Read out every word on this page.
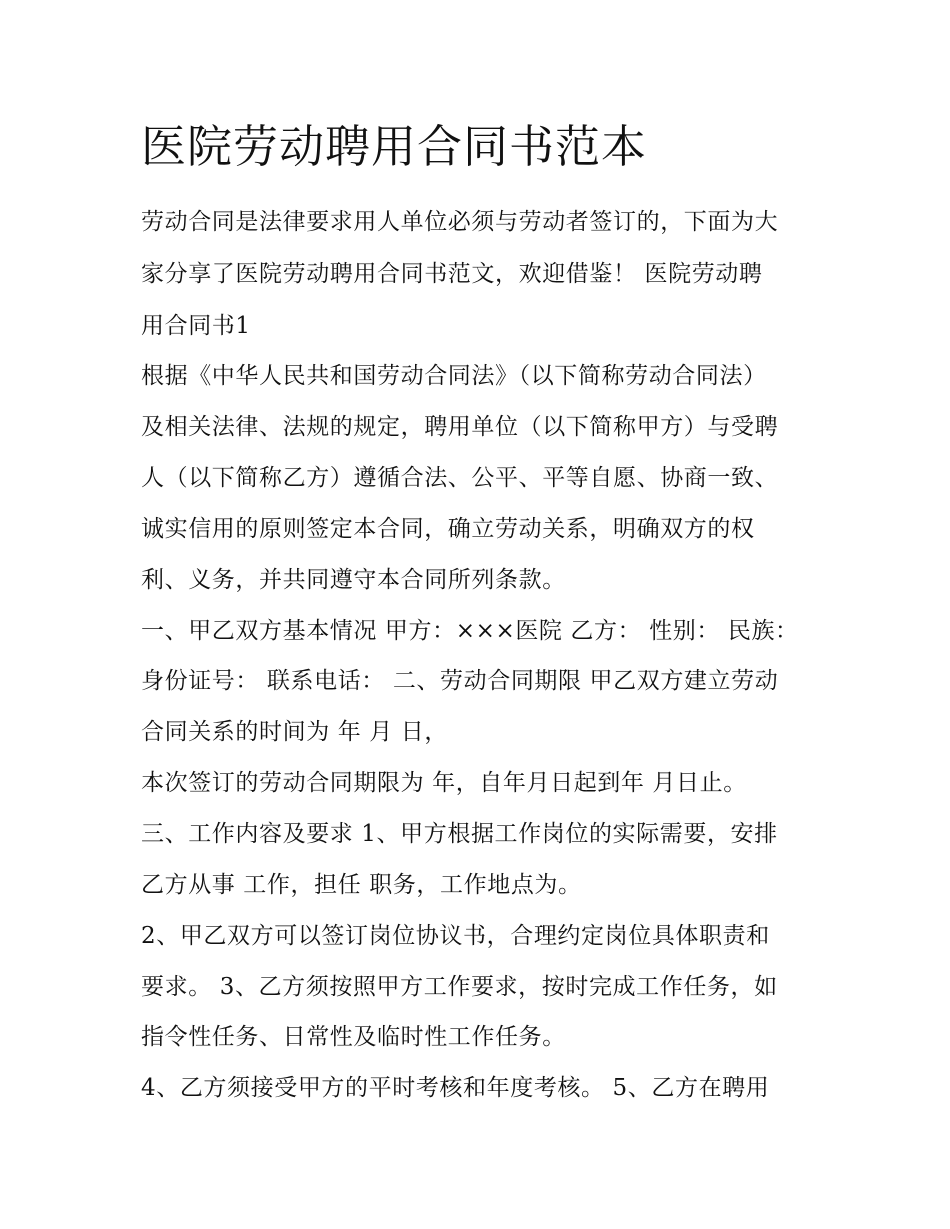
医院劳动聘用合同书范本
劳动合同是法律要求用人单位必须与劳动者签订的，下面为大
家分享了医院劳动聘用合同书范文，欢迎借鉴！ 医院劳动聘
用合同书1
根据《中华人民共和国劳动合同法》（以下简称劳动合同法）
及相关法律、法规的规定，聘用单位（以下简称甲方）与受聘
人（以下简称乙方）遵循合法、公平、平等自愿、协商一致、
诚实信用的原则签定本合同，确立劳动关系，明确双方的权
利、义务，并共同遵守本合同所列条款。
一、甲乙双方基本情况 甲方：×××医院 乙方： 性别： 民族：
身份证号： 联系电话： 二、劳动合同期限 甲乙双方建立劳动
合同关系的时间为 年 月 日，
本次签订的劳动合同期限为 年，自年月日起到年 月日止。
三、工作内容及要求 1、甲方根据工作岗位的实际需要，安排
乙方从事 工作，担任 职务，工作地点为。
2、甲乙双方可以签订岗位协议书，合理约定岗位具体职责和
要求。 3、乙方须按照甲方工作要求，按时完成工作任务，如
指令性任务、日常性及临时性工作任务。
4、乙方须接受甲方的平时考核和年度考核。 5、乙方在聘用
